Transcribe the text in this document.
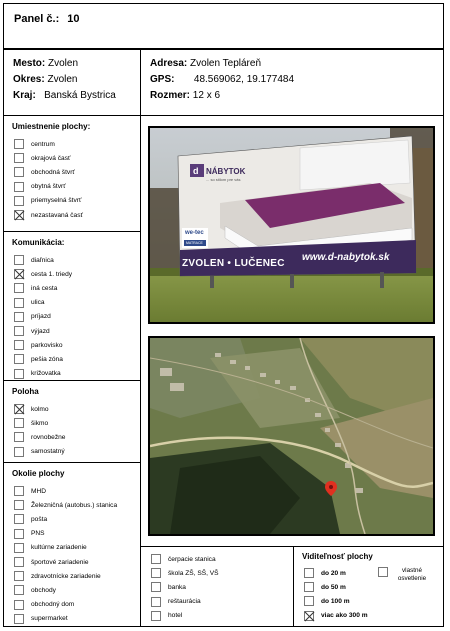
Panel č.: 10
Mesto: Zvolen
Okres: Zvolen
Kraj: Banská Bystrica
Adresa: Zvolen Tepláreň
GPS: 48.569062, 19.177484
Rozmer: 12 x 6
Umiestnenie plochy:
centrum
okrajová časť
obchodná štvrť
obytná štvrť
priemyselná štvrť
nezastavaná časť
Komunikácia:
diaľnica
cesta 1. triedy
iná cesta
ulica
príjazd
výjazd
parkovisko
pešia zóna
križovatka
Poloha
kolmo
šikmo
rovnobežne
samostatný
Okolie plochy
MHD
Železničná (autobus.) stanica
pošta
PNS
kultúrne zariadenie
športové zariadenie
zdravotnícke zariadenie
obchody
obchodný dom
supermarket
d NÁBYTOK
... so stilom pre vás
we-tec
MATRACE
ZVOLEN • LUČENEC
www.d-nabytok.sk
čerpacie stanica
škola ZŠ, SŠ, VŠ
banka
reštaurácia
hotel
Viditeľnosť plochy
do 20 m
do 50 m
do 100 m
viac ako 300 m
vlastné osvetlenie
